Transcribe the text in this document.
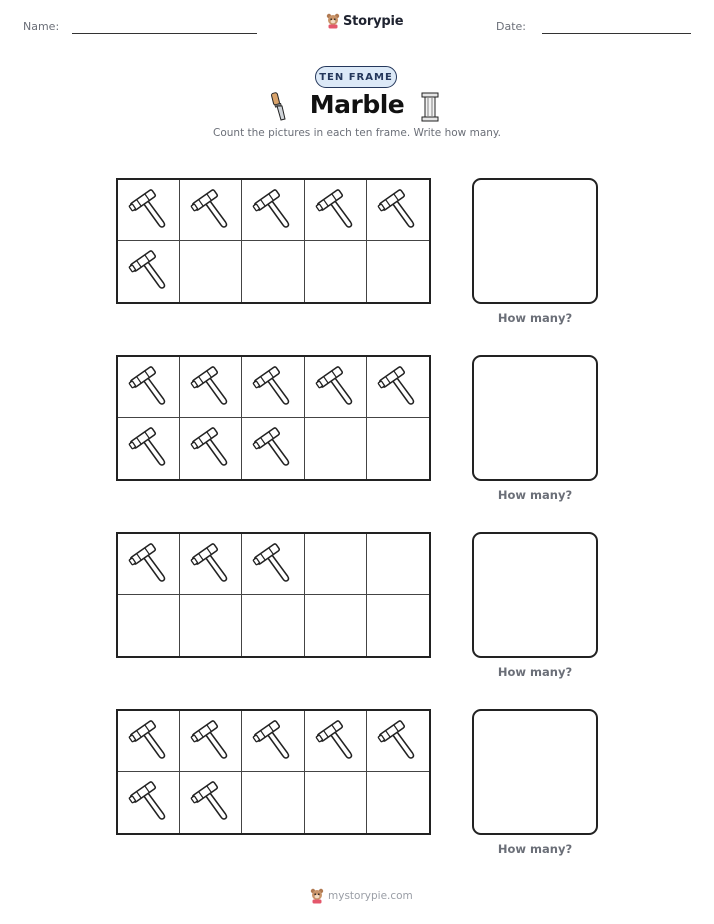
Name:	Storypie	Date:
TEN FRAME
Marble
Count the pictures in each ten frame. Write how many.
How many?
How many?
How many?
How many?
mystorypie.com
